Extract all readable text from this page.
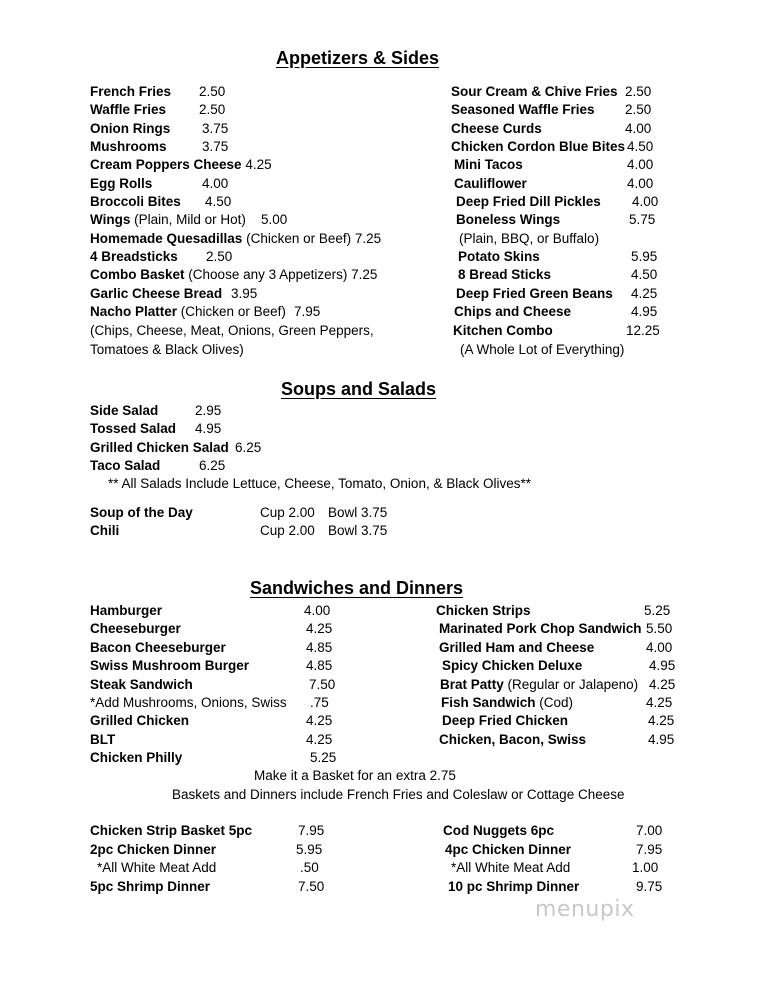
Appetizers & Sides
French Fries 2.50
Waffle Fries 2.50
Onion Rings 3.75
Mushrooms	3.75
Cream Poppers Cheese 4.25
Egg Rolls	4.00
Broccoli Bites 4.50
Wings (Plain, Mild or Hot) 5.00
Homemade Quesadillas (Chicken or Beef) 7.25
4 Breadsticks 2.50
Combo Basket (Choose any 3 Appetizers) 7.25
Garlic Cheese Bread 3.95
Nacho Platter (Chicken or Beef) 7.95
(Chips, Cheese, Meat, Onions, Green Peppers,
Tomatoes & Black Olives)
Sour Cream & Chive Fries 2.50
Seasoned Waffle Fries 2.50
Cheese Curds	4.00
Chicken Cordon Blue Bites 4.50
Mini Tacos	4.00
Cauliflower	4.00
Deep Fried Dill Pickles 4.00
Boneless Wings	5.75
(Plain, BBQ, or Buffalo)
Potato Skins	5.95
8 Bread Sticks	4.50
Deep Fried Green Beans 4.25
Chips and Cheese	4.95
Kitchen Combo	12.25
(A Whole Lot of Everything)
Soups and Salads
Side Salad	2.95
Tossed Salad 4.95
Grilled Chicken Salad 6.25
Taco Salad	6.25
** All Salads Include Lettuce, Cheese, Tomato, Onion, & Black Olives**
Soup of the Day	Cup 2.00 Bowl 3.75
Chili	Cup 2.00 Bowl 3.75
Sandwiches and Dinners
Hamburger	4.00
Cheeseburger	4.25
Bacon Cheeseburger	4.85
Swiss Mushroom Burger	4.85
Steak Sandwich	7.50
*Add Mushrooms, Onions, Swiss .75
Grilled Chicken	4.25
BLT	4.25
Chicken Philly	5.25
Chicken Strips	5.25
Marinated Pork Chop Sandwich 5.50
Grilled Ham and Cheese	4.00
Spicy Chicken Deluxe	4.95
Brat Patty (Regular or Jalapeno) 4.25
Fish Sandwich (Cod)	4.25
Deep Fried Chicken	4.25
Chicken, Bacon, Swiss	4.95
Make it a Basket for an extra 2.75
Baskets and Dinners include French Fries and Coleslaw or Cottage Cheese
Chicken Strip Basket 5pc	7.95
2pc Chicken Dinner	5.95
*All White Meat Add	.50
5pc Shrimp Dinner	7.50
Cod Nuggets 6pc	7.00
4pc Chicken Dinner	7.95
*All White Meat Add	1.00
10 pc Shrimp Dinner	9.75
menupix
